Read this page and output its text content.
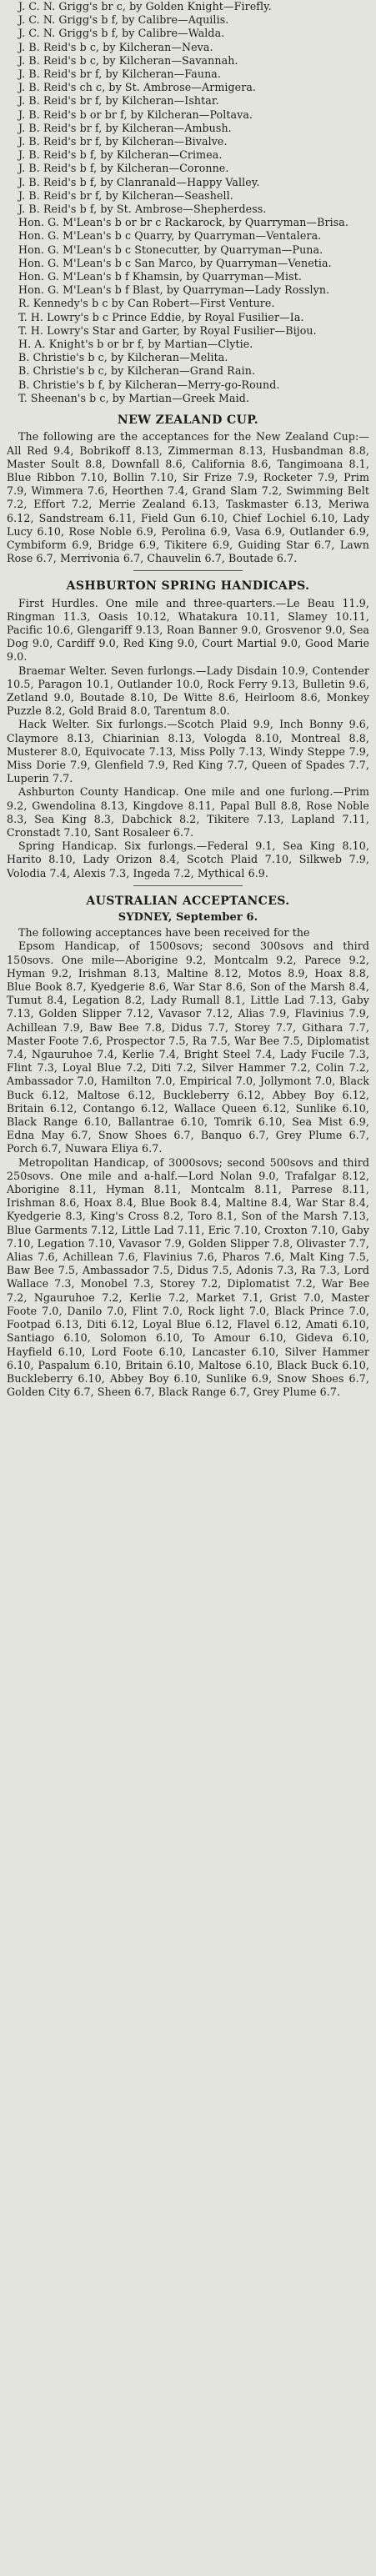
J. C. N. Grigg's br c, by Golden Knight—Firefly.

J. C. N. Grigg's b f, by Calibre—Aquilis.

J. C. N. Grigg's b f, by Calibre—Walda.

J. B. Reid's b c, by Kilcheran—Neva.

J. B. Reid's b c, by Kilcheran—Savannah.

J. B. Reid's br f, by Kilcheran—Fauna.

J. B. Reid's ch c, by St. Ambrose—Armigera.

J. B. Reid's br f, by Kilcheran—Ishtar.

J. B. Reid's b or br f, by Kilcheran—Poltava.

J. B. Reid's br f, by Kilcheran—Ambush.

J. B. Reid's br f, by Kilcheran—Bivalve.

J. B. Reid's b f, by Kilcheran—Crimea.

J. B. Reid's b f, by Kilcheran—Coronne.

J. B. Reid's b f, by Clanranald—Happy Valley.

J. B. Reid's br f, by Kilcheran—Seashell.

J. B. Reid's b f, by St. Ambrose—Shepherdess.

Hon. G. M'Lean's b or br c Rackarock, by Quarryman—Brisa.

Hon. G. M'Lean's b c Quarry, by Quarryman—Ventalera.

Hon. G. M'Lean's b c Stonecutter, by Quarryman—Puna.

Hon. G. M'Lean's b c San Marco, by Quarryman—Venetia.

Hon. G. M'Lean's b f Khamsin, by Quarryman—Mist.

Hon. G. M'Lean's b f Blast, by Quarryman—Lady Rosslyn.

R. Kennedy's b c by Can Robert—First Venture.

T. H. Lowry's b c Prince Eddie, by Royal Fusilier—Ia.

T. H. Lowry's Star and Garter, by Royal Fusilier—Bijou.

H. A. Knight's b or br f, by Martian—Clytie.

B. Christie's b c, by Kilcheran—Melita.

B. Christie's b c, by Kilcheran—Grand Rain.

B. Christie's b f, by Kilcheran—Merry-go-Round.

T. Sheenan's b c, by Martian—Greek Maid.

NEW ZEALAND CUP.

The following are the acceptances for the New Zealand Cup:—All Red 9.4, Bobrikoff 8.13, Zimmerman 8.13, Husbandman 8.8, Master Soult 8.8, Downfall 8.6, California 8.6, Tangimoana 8.1, Blue Ribbon 7.10, Bollin 7.10, Sir Frize 7.9, Rocketer 7.9, Prim 7.9, Wimmera 7.6, Heorthen 7.4, Grand Slam 7.2, Swimming Belt 7.2, Effort 7.2, Merrie Zealand 6.13, Taskmaster 6.13, Meriwa 6.12, Sandstream 6.11, Field Gun 6.10, Chief Lochiel 6.10, Lady Lucy 6.10, Rose Noble 6.9, Perolina 6.9, Vasa 6.9, Outlander 6.9, Cymbiform 6.9, Bridge 6.9, Tikitere 6.9, Guiding Star 6.7, Lawn Rose 6.7, Merrivonia 6.7, Chauvelin 6.7, Boutade 6.7.

ASHBURTON SPRING HANDICAPS.

First Hurdles. One mile and three-quarters.—Le Beau 11.9, Ringman 11.3, Oasis 10.12, Whatakura 10.11, Slamey 10.11, Pacific 10.6, Glengariff 9.13, Roan Banner 9.0, Grosvenor 9.0, Sea Dog 9.0, Cardiff 9.0, Red King 9.0, Court Martial 9.0, Good Marie 9.0.

Braemar Welter. Seven furlongs.—Lady Disdain 10.9, Contender 10.5, Paragon 10.1, Outlander 10.0, Rock Ferry 9.13, Bulletin 9.6, Zetland 9.0, Boutade 8.10, De Witte 8.6, Heirloom 8.6, Monkey Puzzle 8.2, Gold Braid 8.0, Tarentum 8.0.

Hack Welter. Six furlongs.—Scotch Plaid 9.9, Inch Bonny 9.6, Claymore 8.13, Chiarinian 8.13, Vologda 8.10, Montreal 8.8, Musterer 8.0, Equivocate 7.13, Miss Polly 7.13, Windy Steppe 7.9, Miss Dorie 7.9, Glenfield 7.9, Red King 7.7, Queen of Spades 7.7, Luperin 7.7.

Ashburton County Handicap. One mile and one furlong.—Prim 9.2, Gwendolina 8.13, Kingdove 8.11, Papal Bull 8.8, Rose Noble 8.3, Sea King 8.3, Dabchick 8.2, Tikitere 7.13, Lapland 7.11, Cronstadt 7.10, Sant Rosaleer 6.7.

Spring Handicap. Six furlongs.—Federal 9.1, Sea King 8.10, Harito 8.10, Lady Orizon 8.4, Scotch Plaid 7.10, Silkweb 7.9, Volodia 7.4, Alexis 7.3, Ingeda 7.2, Mythical 6.9.

AUSTRALIAN ACCEPTANCES.
SYDNEY, September 6.

The following acceptances have been received for the

Epsom Handicap, of 1500sovs; second 300sovs and third 150sovs. One mile—Aborigine 9.2, Montcalm 9.2, Parece 9.2, Hyman 9.2, Irishman 8.13, Maltine 8.12, Motos 8.9, Hoax 8.8, Blue Book 8.7, Kyedgerie 8.6, War Star 8.6, Son of the Marsh 8.4, Tumut 8.4, Legation 8.2, Lady Rumall 8.1, Little Lad 7.13, Gaby 7.13, Golden Slipper 7.12, Vavasor 7.12, Alias 7.9, Flavinius 7.9, Achillean 7.9, Baw Bee 7.8, Didus 7.7, Storey 7.7, Githara 7.7, Master Foote 7.6, Prospector 7.5, Ra 7.5, War Bee 7.5, Diplomatist 7.4, Ngauruhoe 7.4, Kerlie 7.4, Bright Steel 7.4, Lady Fucile 7.3, Flint 7.3, Loyal Blue 7.2, Diti 7.2, Silver Hammer 7.2, Colin 7.2, Ambassador 7.0, Hamilton 7.0, Empirical 7.0, Jollymont 7.0, Black Buck 6.12, Maltose 6.12, Buckleberry 6.12, Abbey Boy 6.12, Britain 6.12, Contango 6.12, Wallace Queen 6.12, Sunlike 6.10, Black Range 6.10, Ballantrae 6.10, Tomrik 6.10, Sea Mist 6.9, Edna May 6.7, Snow Shoes 6.7, Banquo 6.7, Grey Plume 6.7, Porch 6.7, Nuwara Eliya 6.7.

Metropolitan Handicap, of 3000sovs; second 500sovs and third 250sovs. One mile and a-half.—Lord Nolan 9.0, Trafalgar 8.12, Aborigine 8.11, Hyman 8.11, Montcalm 8.11, Parrese 8.11, Irishman 8.6, Hoax 8.4, Blue Book 8.4, Maltine 8.4, War Star 8.4, Kyedgerie 8.3, King's Cross 8.2, Toro 8.1, Son of the Marsh 7.13, Blue Garments 7.12, Little Lad 7.11, Eric 7.10, Croxton 7.10, Gaby 7.10, Legation 7.10, Vavasor 7.9, Golden Slipper 7.8, Olivaster 7.7, Alias 7.6, Achillean 7.6, Flavinius 7.6, Pharos 7.6, Malt King 7.5, Baw Bee 7.5, Ambassador 7.5, Didus 7.5, Adonis 7.3, Ra 7.3, Lord Wallace 7.3, Monobel 7.3, Storey 7.2, Diplomatist 7.2, War Bee 7.2, Ngauruhoe 7.2, Kerlie 7.2, Market 7.1, Grist 7.0, Master Foote 7.0, Danilo 7.0, Flint 7.0, Rock light 7.0, Black Prince 7.0, Footpad 6.13, Diti 6.12, Loyal Blue 6.12, Flavel 6.12, Amati 6.10, Santiago 6.10, Solomon 6.10, To Amour 6.10, Gideva 6.10, Hayfield 6.10, Lord Foote 6.10, Lancaster 6.10, Silver Hammer 6.10, Paspalum 6.10, Britain 6.10, Maltose 6.10, Black Buck 6.10, Buckleberry 6.10, Abbey Boy 6.10, Sunlike 6.9, Snow Shoes 6.7, Golden City 6.7, Sheen 6.7, Black Range 6.7, Grey Plume 6.7.
